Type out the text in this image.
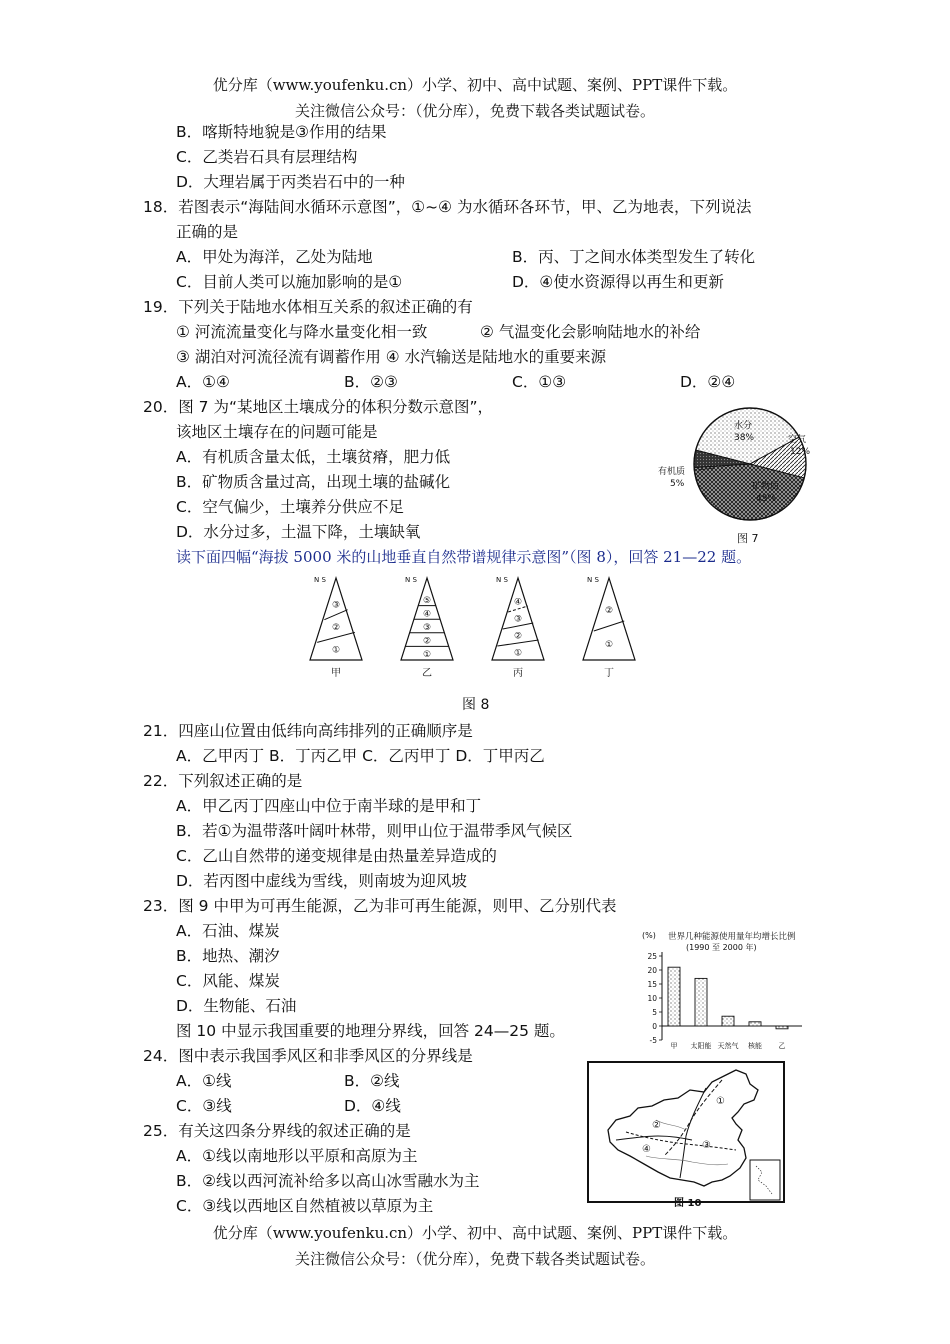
优分库（www.youfenku.cn）小学、初中、高中试题、案例、PPT课件下载。
关注微信公众号：（优分库），免费下载各类试题试卷。
B．喀斯特地貌是③作用的结果
C．乙类岩石具有层理结构
D．大理岩属于丙类岩石中的一种
18．若图表示“海陆间水循环示意图”，①~④ 为水循环各环节，甲、乙为地表，下列说法
正确的是
A．甲处为海洋，乙处为陆地	B．丙、丁之间水体类型发生了转化
C．目前人类可以施加影响的是①	D．④使水资源得以再生和更新
19．下列关于陆地水体相互关系的叙述正确的有
① 河流流量变化与降水量变化相一致	② 气温变化会影响陆地水的补给
③ 湖泊对河流径流有调蓄作用 ④ 水汽输送是陆地水的重要来源
A．①④	B．②③	C．①③	D．②④
20．图 7 为“某地区土壤成分的体积分数示意图”，
该地区土壤存在的问题可能是
A．有机质含量太低，土壤贫瘠，肥力低
B．矿物质含量过高，出现土壤的盐碱化
C．空气偏少，土壤养分供应不足
D．水分过多，土温下降，土壤缺氧
水分
38%	空气
12%
矿物质
45%
有机质
5%
图 7
读下面四幅“海拔 5000 米的山地垂直自然带谱规律示意图”（图 8），回答 21—22 题。
N S
①
②
③
甲
N S
①
②
③
④
⑤
乙
N S
①
②
③
④
丙
N S
①
②
丁
图 8
21．四座山位置由低纬向高纬排列的正确顺序是
A．乙甲丙丁 B．丁丙乙甲 C．乙丙甲丁 D．丁甲丙乙
22．下列叙述正确的是
A．甲乙丙丁四座山中位于南半球的是甲和丁
B．若①为温带落叶阔叶林带，则甲山位于温带季风气候区
C．乙山自然带的递变规律是由热量差异造成的
D．若丙图中虚线为雪线，则南坡为迎风坡
23．图 9 中甲为可再生能源，乙为非可再生能源，则甲、乙分别代表
A．石油、煤炭
B．地热、潮汐
C．风能、煤炭
D．生物能、石油
世界几种能源使用量年均增长比例
(1990 至 2000 年)
(%)
25
20
15
10
5
0
-5
甲 太阳能 天然气 核能 乙
图 10 中显示我国重要的地理分界线，回答 24—25 题。
24．图中表示我国季风区和非季风区的分界线是
A．①线	B．②线
C．③线	D．④线	①
②
③
④
图 10
25．有关这四条分界线的叙述正确的是
A．①线以南地形以平原和高原为主
B．②线以西河流补给多以高山冰雪融水为主
C．③线以西地区自然植被以草原为主
优分库（www.youfenku.cn）小学、初中、高中试题、案例、PPT课件下载。
关注微信公众号：（优分库），免费下载各类试题试卷。
